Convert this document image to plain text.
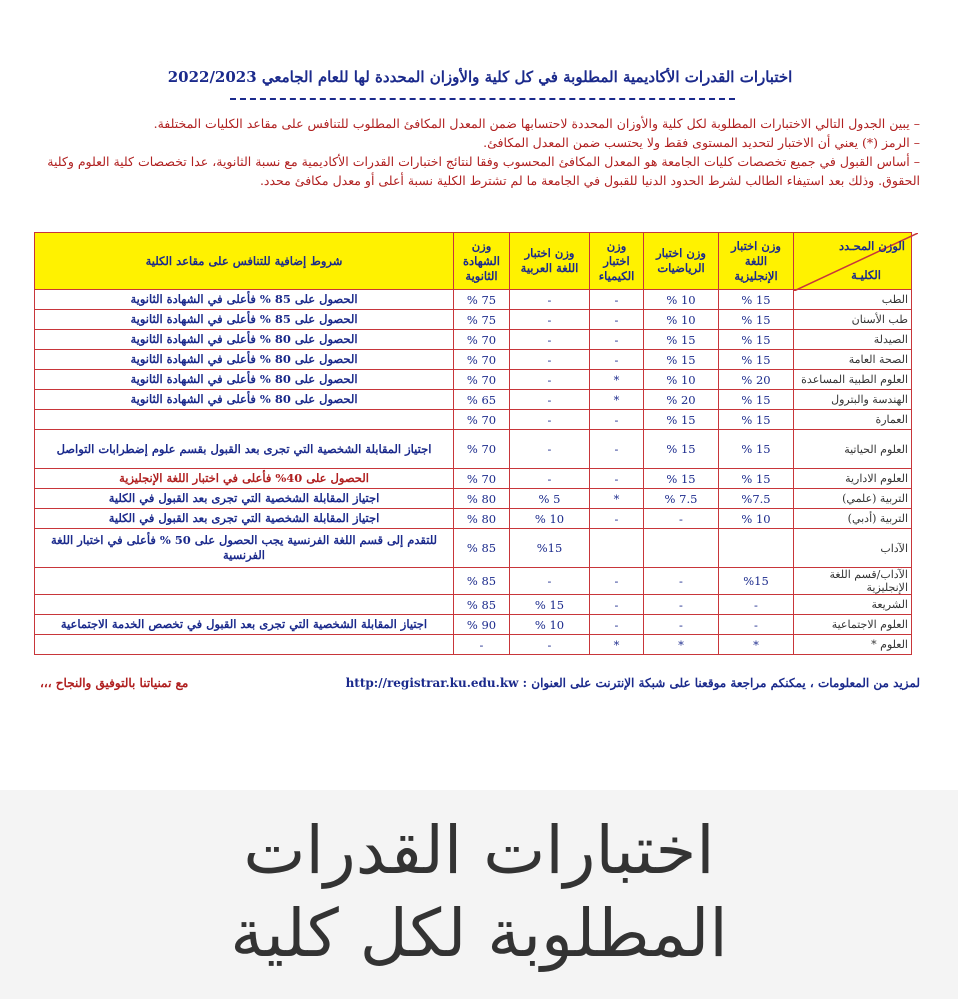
اختبارات القدرات الأكاديمية المطلوبة في كل كلية والأوزان المحددة لها للعام الجامعي 2022/2023

– يبين الجدول التالي الاختبارات المطلوبة لكل كلية والأوزان المحددة لاحتسابها ضمن المعدل المكافئ المطلوب للتنافس على مقاعد الكليات المختلفة.

– الرمز (*) يعني أن الاختبار لتحديد المستوى فقط ولا يحتسب ضمن المعدل المكافئ.

– أساس القبول في جميع تخصصات كليات الجامعة هو المعدل المكافئ المحسوب وفقا لنتائج اختبارات القدرات الأكاديمية مع نسبة الثانوية، عدا تخصصات كلية العلوم وكلية الحقوق. وذلك بعد استيفاء الطالب لشرط الحدود الدنيا للقبول في الجامعة ما لم تشترط الكلية نسبة أعلى أو معدل مكافئ محدد.

الوزن المحـدد
الكليـة	وزن اختبار اللغة الإنجليزية	وزن اختبار الرياضيات	وزن اختبار الكيمياء	وزن اختبار اللغة العربية	وزن الشهادة الثانوية	شروط إضافية للتنافس على مقاعد الكلية
الطب	15 %	10 %	-	-	75 %	الحصول على 85 % فأعلى في الشهادة الثانوية
طب الأسنان	15 %	10 %	-	-	75 %	الحصول على 85 % فأعلى في الشهادة الثانوية
الصيدلة	15 %	15 %	-	-	70 %	الحصول على 80 % فأعلى في الشهادة الثانوية
الصحة العامة	15 %	15 %	-	-	70 %	الحصول على 80 % فأعلى في الشهادة الثانوية
العلوم الطبية المساعدة	20 %	10 %	*	-	70 %	الحصول على 80 % فأعلى في الشهادة الثانوية
الهندسة والبترول	15 %	20 %	*	-	65 %	الحصول على 80 % فأعلى في الشهادة الثانوية
العمارة	15 %	15 %	-	-	70 %	
العلوم الحياتية	15 %	15 %	-	-	70 %	اجتياز المقابلة الشخصية التي تجرى بعد القبول بقسم علوم إضطرابات التواصل
العلوم الادارية	15 %	15 %	-	-	70 %	الحصول على 40% فأعلى في اختبار اللغة الإنجليزية
التربية (علمي)	%7.5	7.5 %	*	5 %	80 %	اجتياز المقابلة الشخصية التي تجرى بعد القبول في الكلية
التربية (أدبي)	10 %	-	-	10 %	80 %	اجتياز المقابلة الشخصية التي تجرى بعد القبول في الكلية
الآداب				%15	85 %	للتقدم إلى قسم اللغة الفرنسية يجب الحصول على 50 % فأعلى في اختبار اللغة الفرنسية
الآداب/قسم اللغة الإنجليزية	%15	-	-	-	85 %	
الشريعة	-	-	-	15 %	85 %	
العلوم الاجتماعية	-	-	-	10 %	90 %	اجتياز المقابلة الشخصية التي تجرى بعد القبول في تخصص الخدمة الاجتماعية
العلوم *	*	*	*	-	-	
لمزيد من المعلومات ، يمكنكم مراجعة موقعنا على شبكة الإنترنت على العنوان : http://registrar.ku.edu.kw
مع تمنياتنا بالتوفيق والنجاح ،،،
اختبارات القدرات
المطلوبة لكل كلية
